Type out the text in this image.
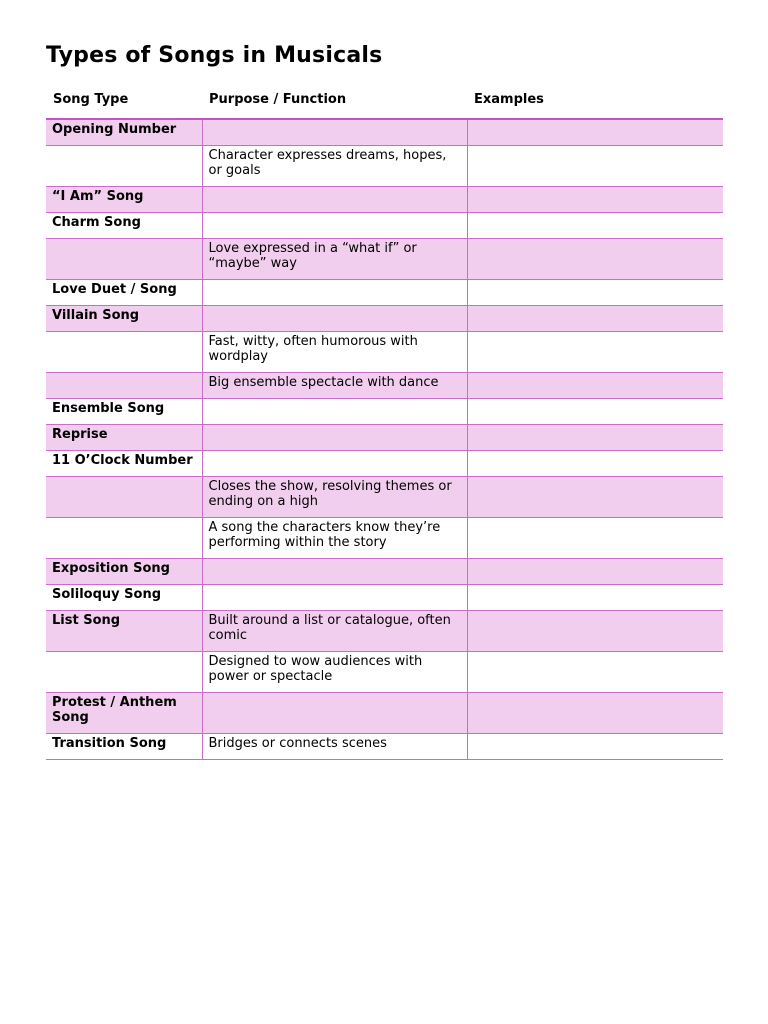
Types of Songs in Musicals
Song Type	Purpose / Function	Examples
Opening Number		
	Character expresses dreams, hopes, or goals	
“I Am” Song		
Charm Song		
	Love expressed in a “what if” or “maybe” way	
Love Duet / Song		
Villain Song		
	Fast, witty, often humorous with wordplay	
	Big ensemble spectacle with dance	
Ensemble Song		
Reprise		
11 O’Clock Number		
	Closes the show, resolving themes or ending on a high	
	A song the characters know they’re performing within the story	
Exposition Song		
Soliloquy Song		
List Song	Built around a list or catalogue, often comic	
	Designed to wow audiences with power or spectacle	
Protest / Anthem Song		
Transition Song	Bridges or connects scenes	
